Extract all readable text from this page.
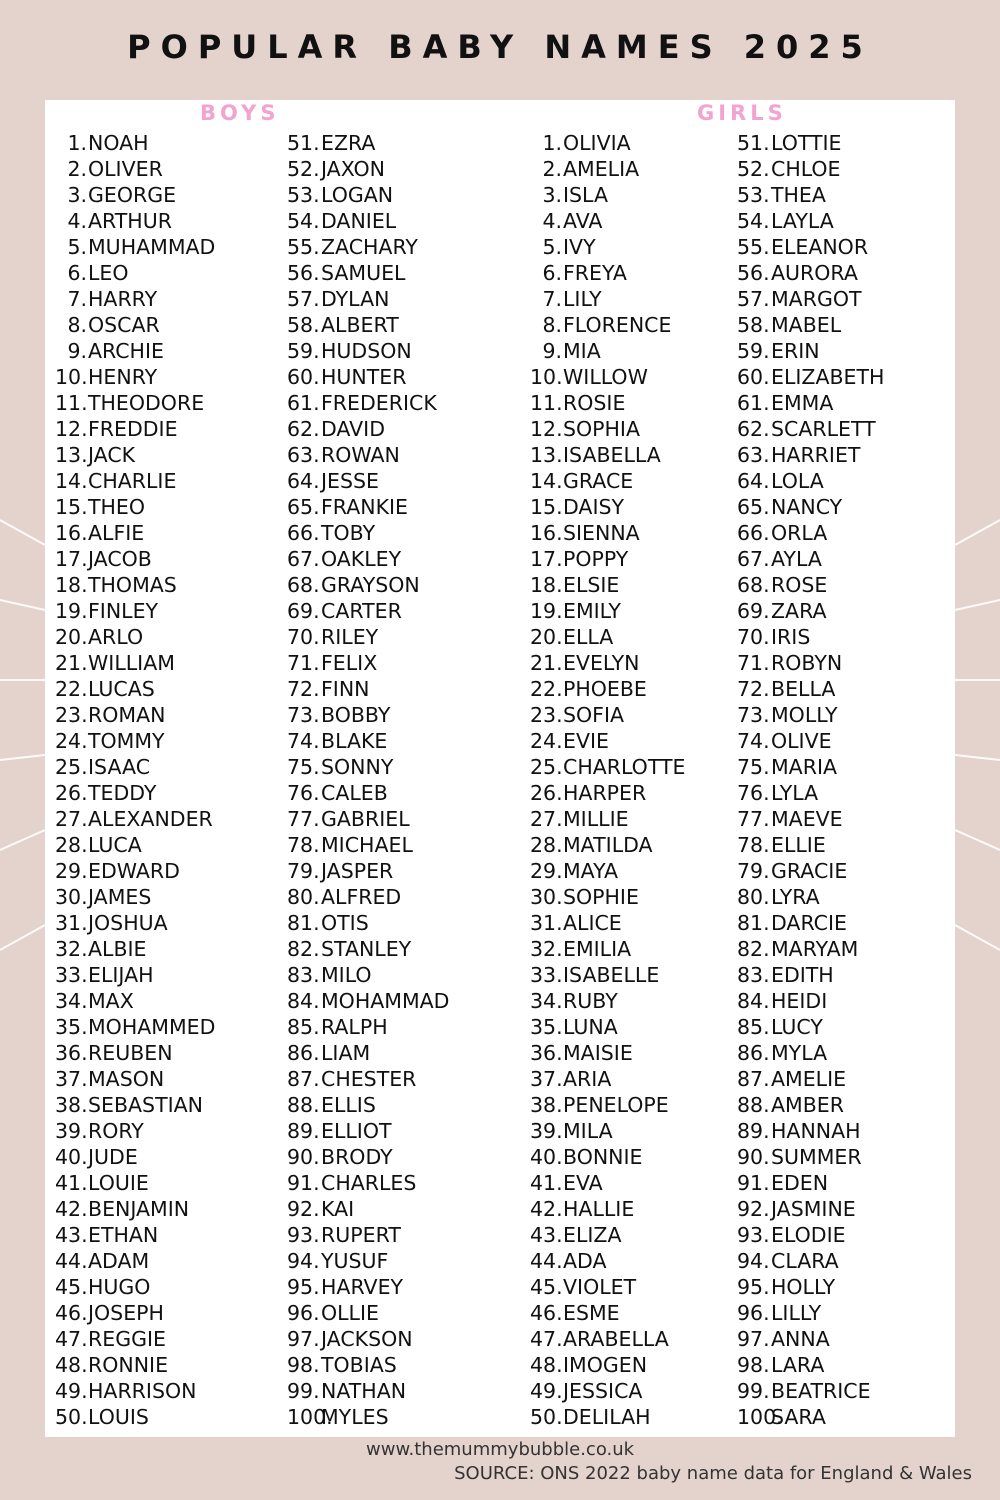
POPULAR BABY NAMES 2025
BOYS	GIRLS
1.NOAH
2.OLIVER
3.GEORGE
4.ARTHUR
5.MUHAMMAD
6.LEO
7.HARRY
8.OSCAR
9.ARCHIE
10.HENRY
11.THEODORE
12.FREDDIE
13.JACK
14.CHARLIE
15.THEO
16.ALFIE
17.JACOB
18.THOMAS
19.FINLEY
20.ARLO
21.WILLIAM
22.LUCAS
23.ROMAN
24.TOMMY
25.ISAAC
26.TEDDY
27.ALEXANDER
28.LUCA
29.EDWARD
30.JAMES
31.JOSHUA
32.ALBIE
33.ELIJAH
34.MAX
35.MOHAMMED
36.REUBEN
37.MASON
38.SEBASTIAN
39.RORY
40.JUDE
41.LOUIE
42.BENJAMIN
43.ETHAN
44.ADAM
45.HUGO
46.JOSEPH
47.REGGIE
48.RONNIE
49.HARRISON
50.LOUIS
51.EZRA
52.JAXON
53.LOGAN
54.DANIEL
55.ZACHARY
56.SAMUEL
57.DYLAN
58.ALBERT
59.HUDSON
60.HUNTER
61.FREDERICK
62.DAVID
63.ROWAN
64.JESSE
65.FRANKIE
66.TOBY
67.OAKLEY
68.GRAYSON
69.CARTER
70.RILEY
71.FELIX
72.FINN
73.BOBBY
74.BLAKE
75.SONNY
76.CALEB
77.GABRIEL
78.MICHAEL
79.JASPER
80.ALFRED
81.OTIS
82.STANLEY
83.MILO
84.MOHAMMAD
85.RALPH
86.LIAM
87.CHESTER
88.ELLIS
89.ELLIOT
90.BRODY
91.CHARLES
92.KAI
93.RUPERT
94.YUSUF
95.HARVEY
96.OLLIE
97.JACKSON
98.TOBIAS
99.NATHAN
100.MYLES
1.OLIVIA
2.AMELIA
3.ISLA
4.AVA
5.IVY
6.FREYA
7.LILY
8.FLORENCE
9.MIA
10.WILLOW
11.ROSIE
12.SOPHIA
13.ISABELLA
14.GRACE
15.DAISY
16.SIENNA
17.POPPY
18.ELSIE
19.EMILY
20.ELLA
21.EVELYN
22.PHOEBE
23.SOFIA
24.EVIE
25.CHARLOTTE
26.HARPER
27.MILLIE
28.MATILDA
29.MAYA
30.SOPHIE
31.ALICE
32.EMILIA
33.ISABELLE
34.RUBY
35.LUNA
36.MAISIE
37.ARIA
38.PENELOPE
39.MILA
40.BONNIE
41.EVA
42.HALLIE
43.ELIZA
44.ADA
45.VIOLET
46.ESME
47.ARABELLA
48.IMOGEN
49.JESSICA
50.DELILAH
51.LOTTIE
52.CHLOE
53.THEA
54.LAYLA
55.ELEANOR
56.AURORA
57.MARGOT
58.MABEL
59.ERIN
60.ELIZABETH
61.EMMA
62.SCARLETT
63.HARRIET
64.LOLA
65.NANCY
66.ORLA
67.AYLA
68.ROSE
69.ZARA
70.IRIS
71.ROBYN
72.BELLA
73.MOLLY
74.OLIVE
75.MARIA
76.LYLA
77.MAEVE
78.ELLIE
79.GRACIE
80.LYRA
81.DARCIE
82.MARYAM
83.EDITH
84.HEIDI
85.LUCY
86.MYLA
87.AMELIE
88.AMBER
89.HANNAH
90.SUMMER
91.EDEN
92.JASMINE
93.ELODIE
94.CLARA
95.HOLLY
96.LILLY
97.ANNA
98.LARA
99.BEATRICE
100.SARA
www.themummybubble.co.uk
SOURCE: ONS 2022 baby name data for England & Wales
